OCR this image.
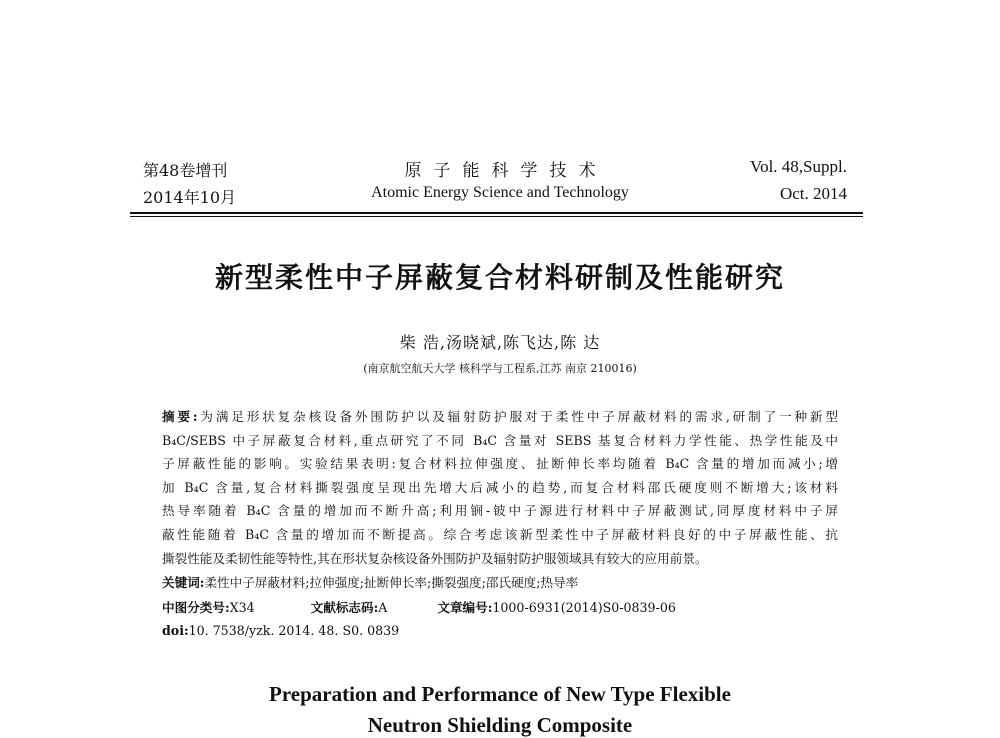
第48卷增刊
2014年10月
原子能科学技术
Atomic Energy Science and Technology
Vol. 48,Suppl.
Oct. 2014
新型柔性中子屏蔽复合材料研制及性能研究
柴 浩,汤晓斌,陈飞达,陈 达
(南京航空航天大学 核科学与工程系,江苏 南京 210016)
摘要:为满足形状复杂核设备外围防护以及辐射防护服对于柔性中子屏蔽材料的需求,研制了一种新型
B₄C/SEBS 中子屏蔽复合材料,重点研究了不同 B₄C 含量对 SEBS 基复合材料力学性能、热学性能及中
子屏蔽性能的影响。实验结果表明:复合材料拉伸强度、扯断伸长率均随着 B₄C 含量的增加而减小;增
加 B₄C 含量,复合材料撕裂强度呈现出先增大后减小的趋势,而复合材料邵氏硬度则不断增大;该材料
热导率随着 B₄C 含量的增加而不断升高;利用锎-铍中子源进行材料中子屏蔽测试,同厚度材料中子屏
蔽性能随着 B₄C 含量的增加而不断提高。综合考虑该新型柔性中子屏蔽材料良好的中子屏蔽性能、抗
撕裂性能及柔韧性能等特性,其在形状复杂核设备外围防护及辐射防护服领域具有较大的应用前景。
关键词:柔性中子屏蔽材料;拉伸强度;扯断伸长率;撕裂强度;邵氏硬度;热导率
中图分类号:X34	文献标志码:A	文章编号:1000-6931(2014)S0-0839-06
doi:10. 7538/yzk. 2014. 48. S0. 0839
Preparation and Performance of New Type Flexible
Neutron Shielding Composite
